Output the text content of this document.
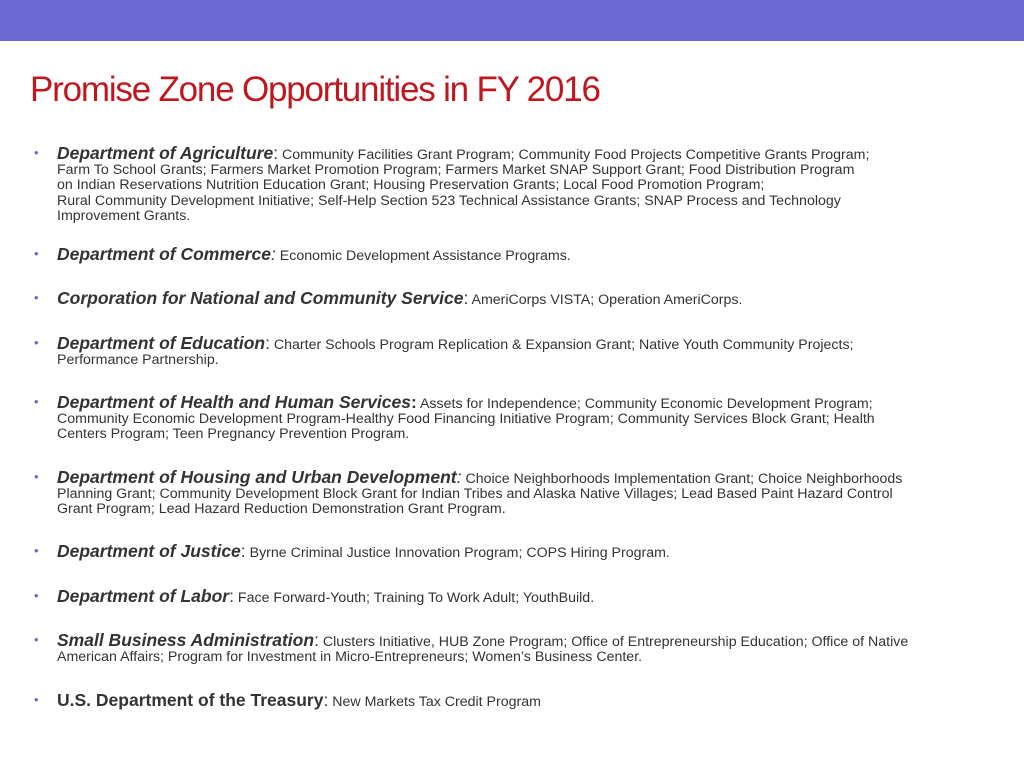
Promise Zone Opportunities in FY 2016
• Department of Agriculture: Community Facilities Grant Program; Community Food Projects Competitive Grants Program;
Farm To School Grants; Farmers Market Promotion Program; Farmers Market SNAP Support Grant; Food Distribution Program
on Indian Reservations Nutrition Education Grant; Housing Preservation Grants; Local Food Promotion Program;
Rural Community Development Initiative; Self-Help Section 523 Technical Assistance Grants; SNAP Process and Technology
Improvement Grants.
• Department of Commerce: Economic Development Assistance Programs.
• Corporation for National and Community Service: AmeriCorps VISTA; Operation AmeriCorps.
• Department of Education: Charter Schools Program Replication & Expansion Grant; Native Youth Community Projects;
Performance Partnership.
• Department of Health and Human Services: Assets for Independence; Community Economic Development Program;
Community Economic Development Program-Healthy Food Financing Initiative Program; Community Services Block Grant; Health
Centers Program; Teen Pregnancy Prevention Program.
• Department of Housing and Urban Development: Choice Neighborhoods Implementation Grant; Choice Neighborhoods
Planning Grant; Community Development Block Grant for Indian Tribes and Alaska Native Villages; Lead Based Paint Hazard Control
Grant Program; Lead Hazard Reduction Demonstration Grant Program.
• Department of Justice: Byrne Criminal Justice Innovation Program; COPS Hiring Program.
• Department of Labor: Face Forward-Youth; Training To Work Adult; YouthBuild.
• Small Business Administration: Clusters Initiative, HUB Zone Program; Office of Entrepreneurship Education; Office of Native
American Affairs; Program for Investment in Micro-Entrepreneurs; Women’s Business Center.
• U.S. Department of the Treasury: New Markets Tax Credit Program
